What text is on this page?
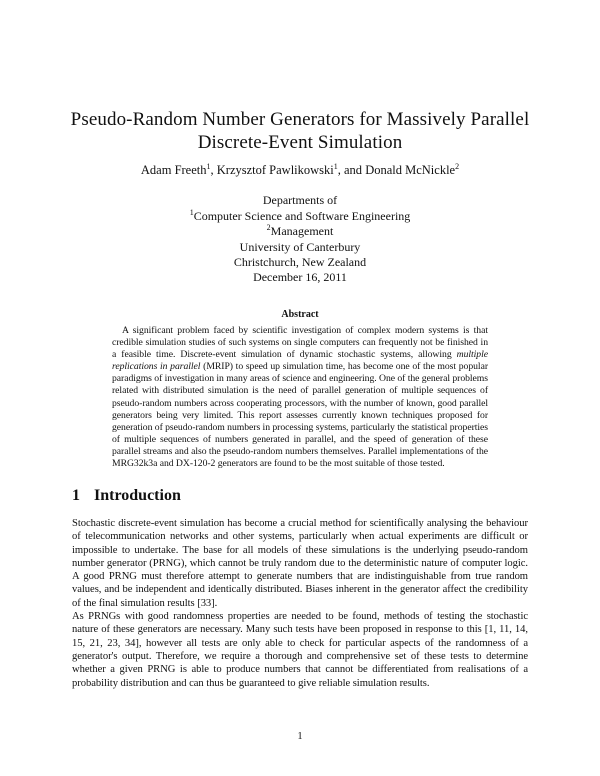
Pseudo-Random Number Generators for Massively Parallel
Discrete-Event Simulation
Adam Freeth$^1$, Krzysztof Pawlikowski$^1$, and Donald McNickle$^2$
Departments of
$^1$Computer Science and Software Engineering
$^2$Management
University of Canterbury
Christchurch, New Zealand
December 16, 2011
Abstract
A significant problem faced by scientific investigation of complex modern systems is that credible simulation studies of such systems on single computers can frequently not be finished in a feasible time. Discrete-event simulation of dynamic stochastic systems, allowing multiple replications in parallel (MRIP) to speed up simulation time, has become one of the most popular paradigms of investigation in many areas of science and engineering. One of the general problems related with distributed simulation is the need of parallel generation of multiple sequences of pseudo-random numbers across cooperating processors, with the number of known, good parallel generators being very limited. This report assesses currently known techniques proposed for generation of pseudo-random numbers in processing systems, particularly the statistical properties of multiple sequences of numbers generated in parallel, and the speed of generation of these parallel streams and also the pseudo-random numbers themselves. Parallel implementations of the MRG32k3a and DX-120-2 generators are found to be the most suitable of those tested.
1 Introduction

Stochastic discrete-event simulation has become a crucial method for scientifically analysing the behaviour of telecommunication networks and other systems, particularly when actual experiments are difficult or impossible to undertake. The base for all models of these simulations is the underlying pseudo-random number generator (PRNG), which cannot be truly random due to the deterministic nature of computer logic. A good PRNG must therefore attempt to generate numbers that are indistinguishable from true random values, and be independent and identically distributed. Biases inherent in the generator affect the credibility of the final simulation results [33].

As PRNGs with good randomness properties are needed to be found, methods of testing the stochastic nature of these generators are necessary. Many such tests have been proposed in response to this [1, 11, 14, 15, 21, 23, 34], however all tests are only able to check for particular aspects of the randomness of a generator's output. Therefore, we require a thorough and comprehensive set of these tests to determine whether a given PRNG is able to produce numbers that cannot be differentiated from realisations of a probability distribution and can thus be guaranteed to give reliable simulation results.

1
